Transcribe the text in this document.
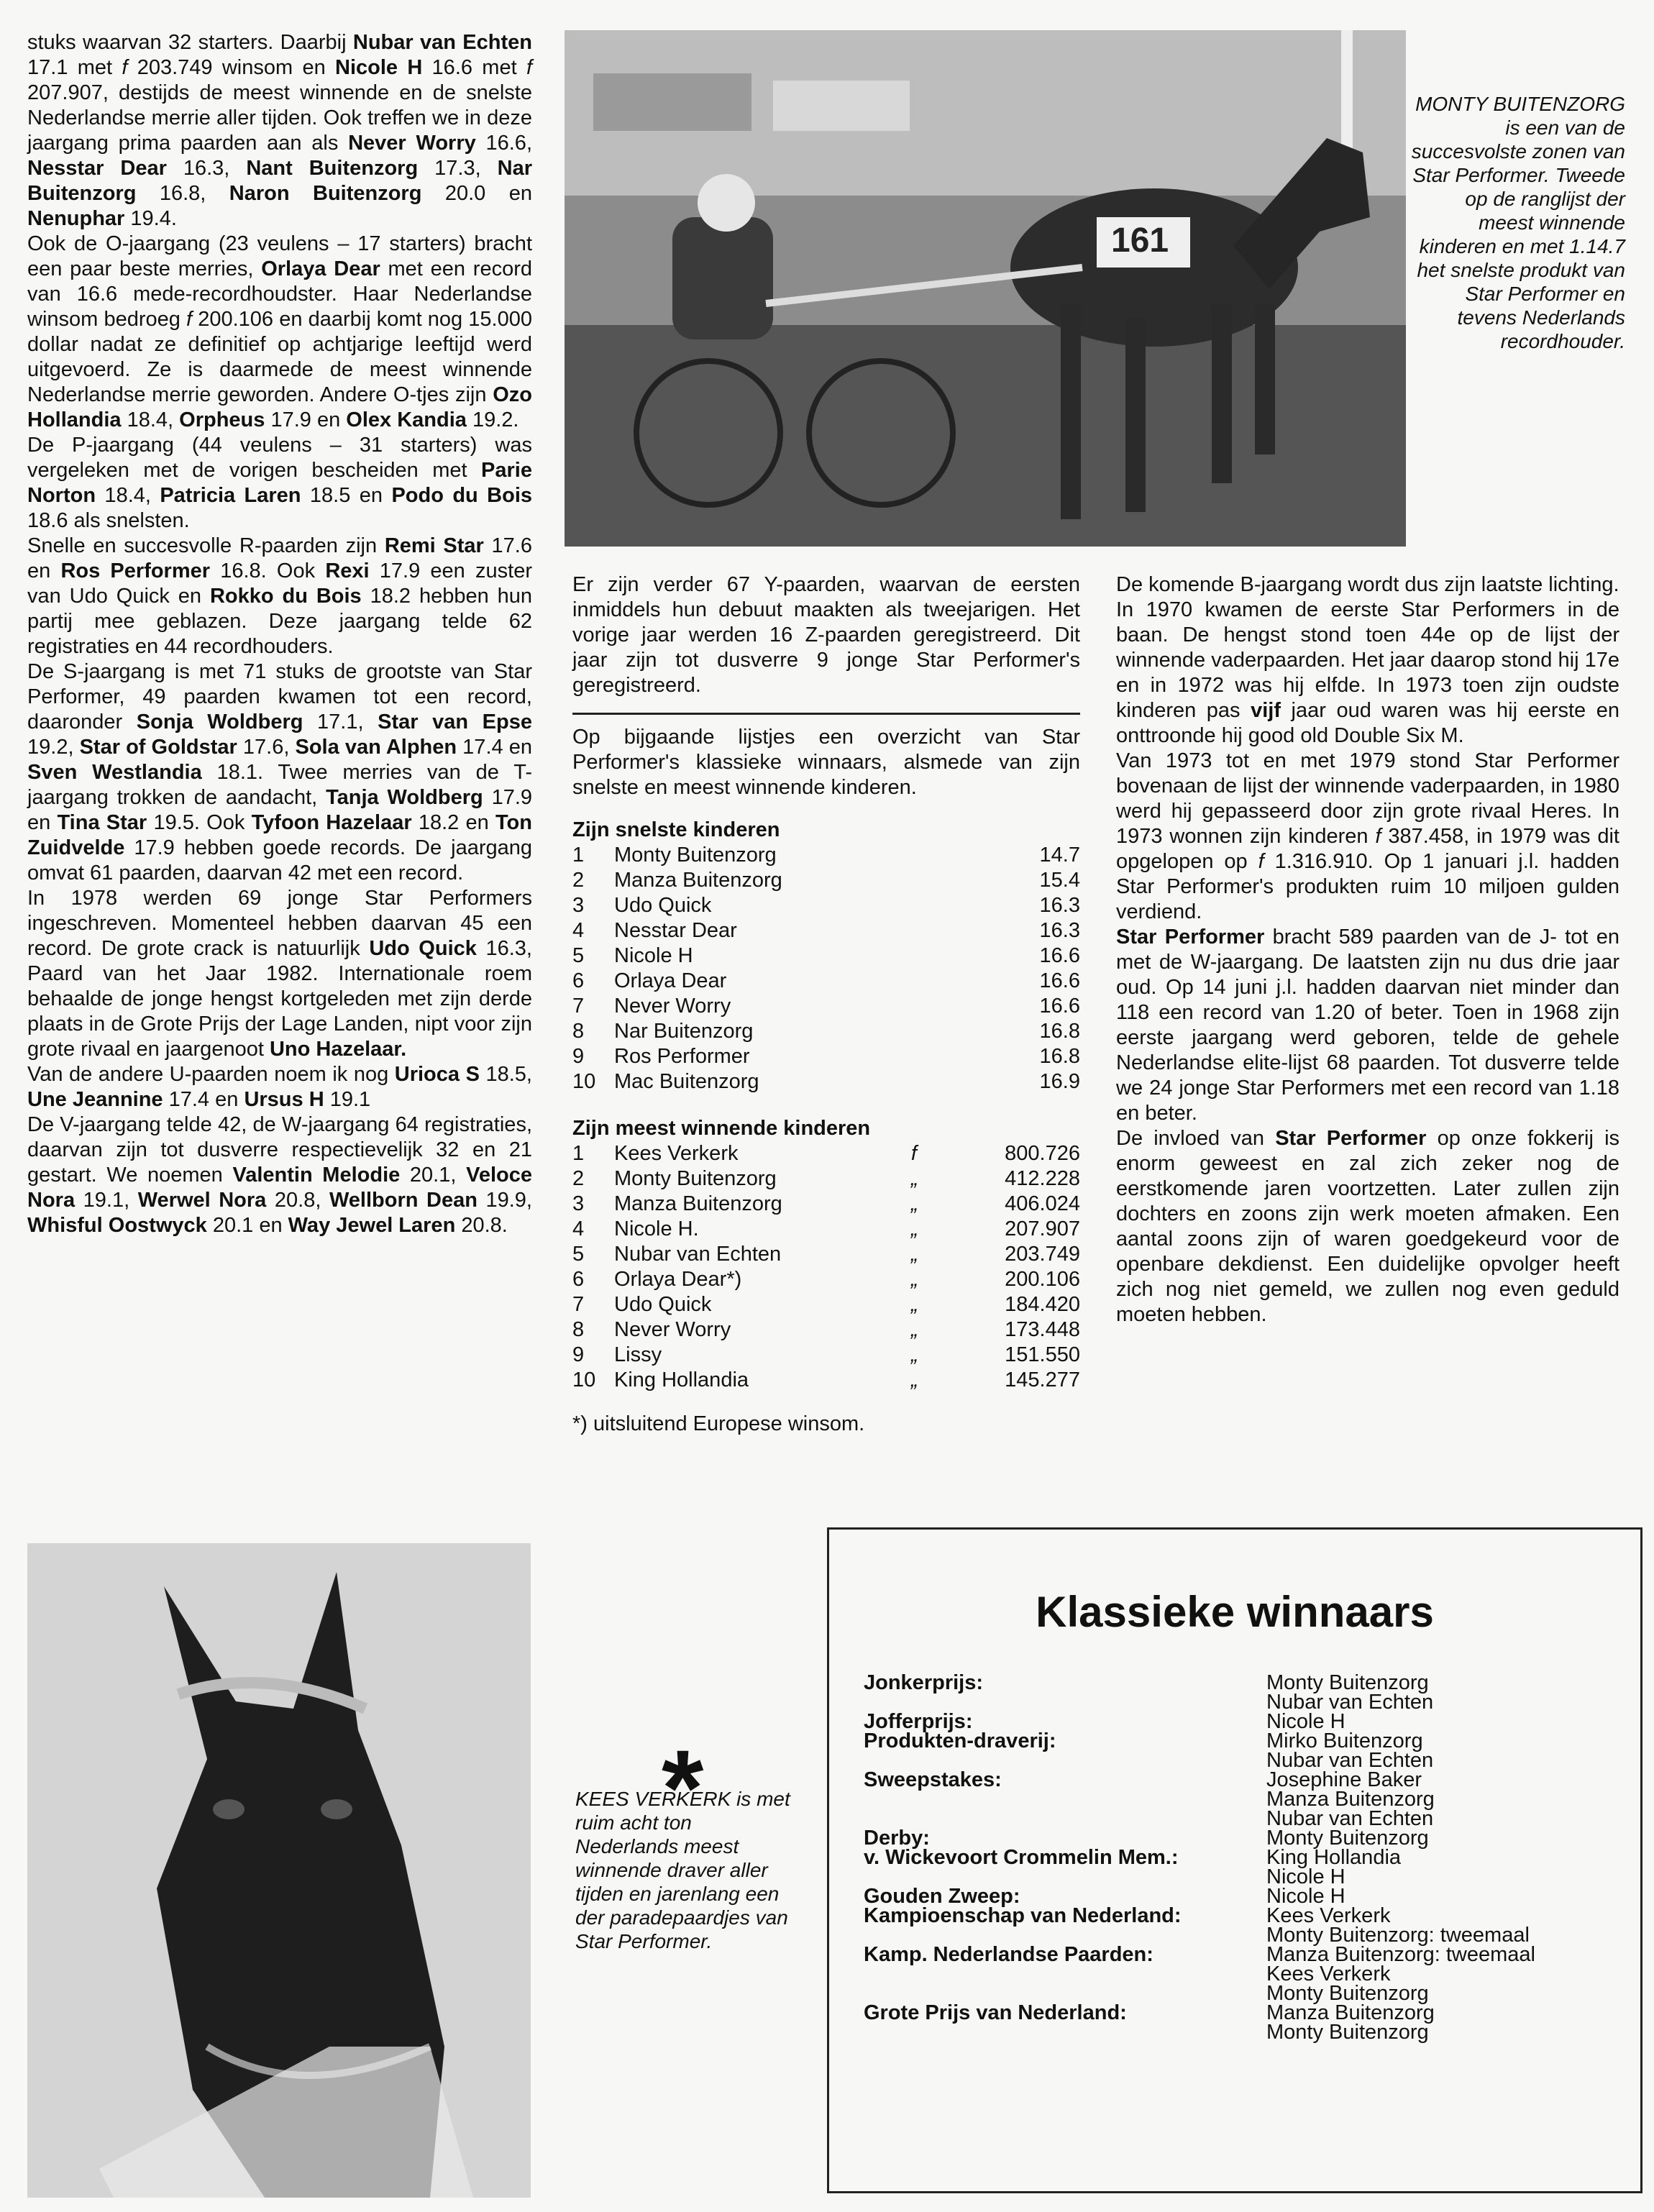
stuks waarvan 32 starters. Daarbij Nubar van Echten 17.1 met f 203.749 winsom en Nicole H 16.6 met f 207.907, destijds de meest winnende en de snelste Nederlandse merrie aller tijden. Ook treffen we in deze jaargang prima paarden aan als Never Worry 16.6, Nesstar Dear 16.3, Nant Buitenzorg 17.3, Nar Buitenzorg 16.8, Naron Buitenzorg 20.0 en Nenuphar 19.4.

Ook de O-jaargang (23 veulens – 17 starters) bracht een paar beste merries, Orlaya Dear met een record van 16.6 mede-recordhoudster. Haar Nederlandse winsom bedroeg f 200.106 en daarbij komt nog 15.000 dollar nadat ze definitief op achtjarige leeftijd werd uitgevoerd. Ze is daarmede de meest winnende Nederlandse merrie geworden. Andere O-tjes zijn Ozo Hollandia 18.4, Orpheus 17.9 en Olex Kandia 19.2.

De P-jaargang (44 veulens – 31 starters) was vergeleken met de vorigen bescheiden met Parie Norton 18.4, Patricia Laren 18.5 en Podo du Bois 18.6 als snelsten.

Snelle en succesvolle R-paarden zijn Remi Star 17.6 en Ros Performer 16.8. Ook Rexi 17.9 een zuster van Udo Quick en Rokko du Bois 18.2 hebben hun partij mee geblazen. Deze jaargang telde 62 registraties en 44 recordhouders.

De S-jaargang is met 71 stuks de grootste van Star Performer, 49 paarden kwamen tot een record, daaronder Sonja Woldberg 17.1, Star van Epse 19.2, Star of Goldstar 17.6, Sola van Alphen 17.4 en Sven Westlandia 18.1. Twee merries van de T-jaargang trokken de aandacht, Tanja Woldberg 17.9 en Tina Star 19.5. Ook Tyfoon Hazelaar 18.2 en Ton Zuidvelde 17.9 hebben goede records. De jaargang omvat 61 paarden, daarvan 42 met een record.

In 1978 werden 69 jonge Star Performers ingeschreven. Momenteel hebben daarvan 45 een record. De grote crack is natuurlijk Udo Quick 16.3, Paard van het Jaar 1982. Internationale roem behaalde de jonge hengst kortgeleden met zijn derde plaats in de Grote Prijs der Lage Landen, nipt voor zijn grote rivaal en jaargenoot Uno Hazelaar.

Van de andere U-paarden noem ik nog Urioca S 18.5, Une Jeannine 17.4 en Ursus H 19.1

De V-jaargang telde 42, de W-jaargang 64 registraties, daarvan zijn tot dusverre respectievelijk 32 en 21 gestart. We noemen Valentin Melodie 20.1, Veloce Nora 19.1, Werwel Nora 20.8, Wellborn Dean 19.9, Whisful Oostwyck 20.1 en Way Jewel Laren 20.8.

161
MONTY BUITENZORG is een van de succesvolste zonen van Star Performer. Tweede op de ranglijst der meest winnende kinderen en met 1.14.7 het snelste produkt van Star Performer en tevens Nederlands recordhouder.

Er zijn verder 67 Y-paarden, waarvan de eersten inmiddels hun debuut maakten als tweejarigen. Het vorige jaar werden 16 Z-paarden geregistreerd. Dit jaar zijn tot dusverre 9 jonge Star Performer's geregistreerd.

Op bijgaande lijstjes een overzicht van Star Performer's klassieke winnaars, alsmede van zijn snelste en meest winnende kinderen.

Zijn snelste kinderen
1	Monty Buitenzorg	14.7
2	Manza Buitenzorg	15.4
3	Udo Quick	16.3
4	Nesstar Dear	16.3
5	Nicole H	16.6
6	Orlaya Dear	16.6
7	Never Worry	16.6
8	Nar Buitenzorg	16.8
9	Ros Performer	16.8
10	Mac Buitenzorg	16.9
Zijn meest winnende kinderen
1	Kees Verkerk	f	800.726
2	Monty Buitenzorg	„	412.228
3	Manza Buitenzorg	„	406.024
4	Nicole H.	„	207.907
5	Nubar van Echten	„	203.749
6	Orlaya Dear*)	„	200.106
7	Udo Quick	„	184.420
8	Never Worry	„	173.448
9	Lissy	„	151.550
10	King Hollandia	„	145.277

*) uitsluitend Europese winsom.

De komende B-jaargang wordt dus zijn laatste lichting.

In 1970 kwamen de eerste Star Performers in de baan. De hengst stond toen 44e op de lijst der winnende vaderpaarden. Het jaar daarop stond hij 17e en in 1972 was hij elfde. In 1973 toen zijn oudste kinderen pas vijf jaar oud waren was hij eerste en onttroonde hij good old Double Six M.

Van 1973 tot en met 1979 stond Star Performer bovenaan de lijst der winnende vaderpaarden, in 1980 werd hij gepasseerd door zijn grote rivaal Heres. In 1973 wonnen zijn kinderen f 387.458, in 1979 was dit opgelopen op f 1.316.910. Op 1 januari j.l. hadden Star Performer's produkten ruim 10 miljoen gulden verdiend.

Star Performer bracht 589 paarden van de J- tot en met de W-jaargang. De laatsten zijn nu dus drie jaar oud. Op 14 juni j.l. hadden daarvan niet minder dan 118 een record van 1.20 of beter. Toen in 1968 zijn eerste jaargang werd geboren, telde de gehele Nederlandse elite-lijst 68 paarden. Tot dusverre telde we 24 jonge Star Performers met een record van 1.18 en beter.

De invloed van Star Performer op onze fokkerij is enorm geweest en zal zich zeker nog de eerstkomende jaren voortzetten. Later zullen zijn dochters en zoons zijn werk moeten afmaken. Een aantal zoons zijn of waren goedgekeurd voor de openbare dekdienst. Een duidelijke opvolger heeft zich nog niet gemeld, we zullen nog even geduld moeten hebben.

KEES VERKERK is met ruim acht ton Nederlands meest winnende draver aller tijden en jarenlang een der paradepaardjes van Star Performer.
*
Klassieke winnaars
Jonkerprijs:	Monty Buitenzorg
	Nubar van Echten
Jofferprijs:	Nicole H
Produkten-draverij:	Mirko Buitenzorg
	Nubar van Echten
Sweepstakes:	Josephine Baker
	Manza Buitenzorg
	Nubar van Echten
Derby:	Monty Buitenzorg
v. Wickevoort Crommelin Mem.:	King Hollandia
	Nicole H
Gouden Zweep:	Nicole H
Kampioenschap van Nederland:	Kees Verkerk
	Monty Buitenzorg: tweemaal
Kamp. Nederlandse Paarden:	Manza Buitenzorg: tweemaal
	Kees Verkerk
	Monty Buitenzorg
Grote Prijs van Nederland:	Manza Buitenzorg
	Monty Buitenzorg
